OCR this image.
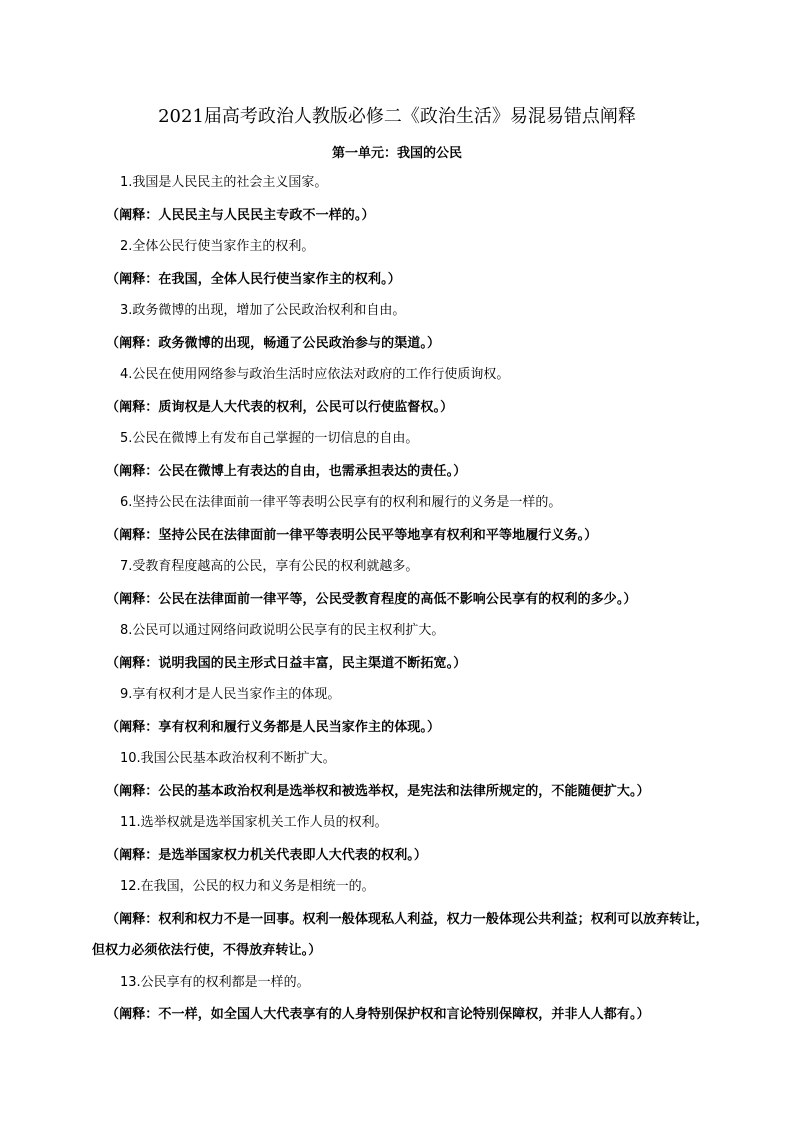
2021届高考政治人教版必修二《政治生活》易混易错点阐释
第一单元：我国的公民
1.我国是人民民主的社会主义国家。
（阐释：人民民主与人民民主专政不一样的。）
2.全体公民行使当家作主的权利。
（阐释：在我国，全体人民行使当家作主的权利。）
3.政务微博的出现，增加了公民政治权利和自由。
（阐释：政务微博的出现，畅通了公民政治参与的渠道。）
4.公民在使用网络参与政治生活时应依法对政府的工作行使质询权。
（阐释：质询权是人大代表的权利，公民可以行使监督权。）
5.公民在微博上有发布自己掌握的一切信息的自由。
（阐释：公民在微博上有表达的自由，也需承担表达的责任。）
6.坚持公民在法律面前一律平等表明公民享有的权利和履行的义务是一样的。
（阐释：坚持公民在法律面前一律平等表明公民平等地享有权利和平等地履行义务。）
7.受教育程度越高的公民，享有公民的权利就越多。
（阐释：公民在法律面前一律平等，公民受教育程度的高低不影响公民享有的权利的多少。）
8.公民可以通过网络问政说明公民享有的民主权利扩大。
（阐释：说明我国的民主形式日益丰富，民主渠道不断拓宽。）
9.享有权利才是人民当家作主的体现。
（阐释：享有权利和履行义务都是人民当家作主的体现。）
10.我国公民基本政治权利不断扩大。
（阐释：公民的基本政治权利是选举权和被选举权，是宪法和法律所规定的，不能随便扩大。）
11.选举权就是选举国家机关工作人员的权利。
（阐释：是选举国家权力机关代表即人大代表的权利。）
12.在我国，公民的权力和义务是相统一的。
（阐释：权利和权力不是一回事。权利一般体现私人利益，权力一般体现公共利益；权利可以放弃转让，
但权力必须依法行使，不得放弃转让。）
13.公民享有的权利都是一样的。
（阐释：不一样，如全国人大代表享有的人身特别保护权和言论特别保障权，并非人人都有。）
